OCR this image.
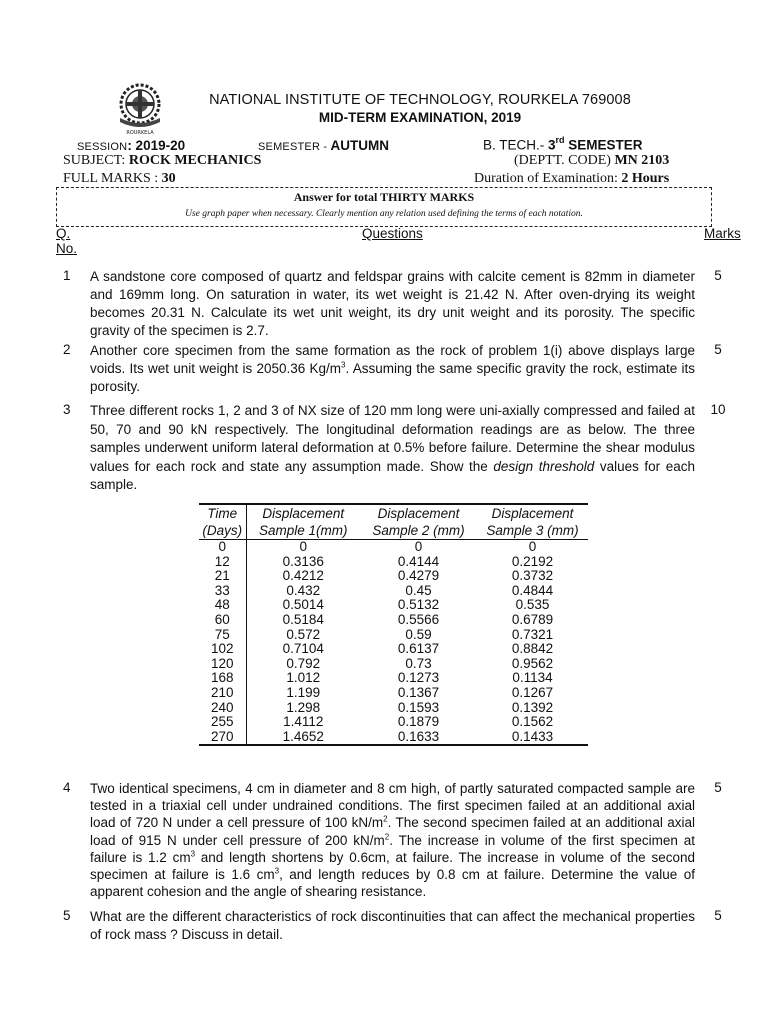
ROURKELA
NATIONAL INSTITUTE OF TECHNOLOGY, ROURKELA 769008
MID-TERM EXAMINATION, 2019
SESSION: 2019-20	SEMESTER - AUTUMN	B. TECH.- 3rd SEMESTER
SUBJECT: ROCK MECHANICS	(DEPTT. CODE) MN 2103
FULL MARKS : 30	Duration of Examination: 2 Hours
Answer for total THIRTY MARKS
Use graph paper when necessary. Clearly mention any relation used defining the terms of each notation.
Q.
No.
Questions	Marks
1 A sandstone core composed of quartz and feldspar grains with calcite cement is 82mm in diameter and 169mm long. On saturation in water, its wet weight is 21.42 N. After oven-drying its weight becomes 20.31 N. Calculate its wet unit weight, its dry unit weight and its porosity. The specific gravity of the specimen is 2.7.
5
2 Another core specimen from the same formation as the rock of problem 1(i) above displays large voids. Its wet unit weight is 2050.36 $Kg/m^3$. Assuming the same specific gravity the rock, estimate its porosity.
5
3 Three different rocks 1, 2 and 3 of NX size of 120 mm long were uni-axially compressed and failed at 50, 70 and 90 kN respectively. The longitudinal deformation readings are as below. The three samples underwent uniform lateral deformation at 0.5% before failure. Determine the shear modulus values for each rock and state any assumption made. Show the design threshold values for each sample.
10
Time	Displacement	Displacement	Displacement
(Days)	Sample 1(mm)	Sample 2 (mm)	Sample 3 (mm)
0	0	0	0
12	0.3136	0.4144	0.2192
21	0.4212	0.4279	0.3732
33	0.432	0.45	0.4844
48	0.5014	0.5132	0.535
60	0.5184	0.5566	0.6789
75	0.572	0.59	0.7321
102	0.7104	0.6137	0.8842
120	0.792	0.73	0.9562
168	1.012	0.1273	0.1134
210	1.199	0.1367	0.1267
240	1.298	0.1593	0.1392
255	1.4112	0.1879	0.1562
270	1.4652	0.1633	0.1433
4 Two identical specimens, 4 cm in diameter and 8 cm high, of partly saturated compacted sample are tested in a triaxial cell under undrained conditions. The first specimen failed at an additional axial load of 720 N under a cell pressure of 100 $kN/m^2$. The second specimen failed at an additional axial load of 915 N under cell pressure of 200 $kN/m^2$. The increase in volume of the first specimen at failure is 1.2 $cm^3$ and length shortens by 0.6cm, at failure. The increase in volume of the second specimen at failure is 1.6 $cm^3$, and length reduces by 0.8 cm at failure. Determine the value of apparent cohesion and the angle of shearing resistance.
5
5 What are the different characteristics of rock discontinuities that can affect the mechanical properties of rock mass ? Discuss in detail.
5
